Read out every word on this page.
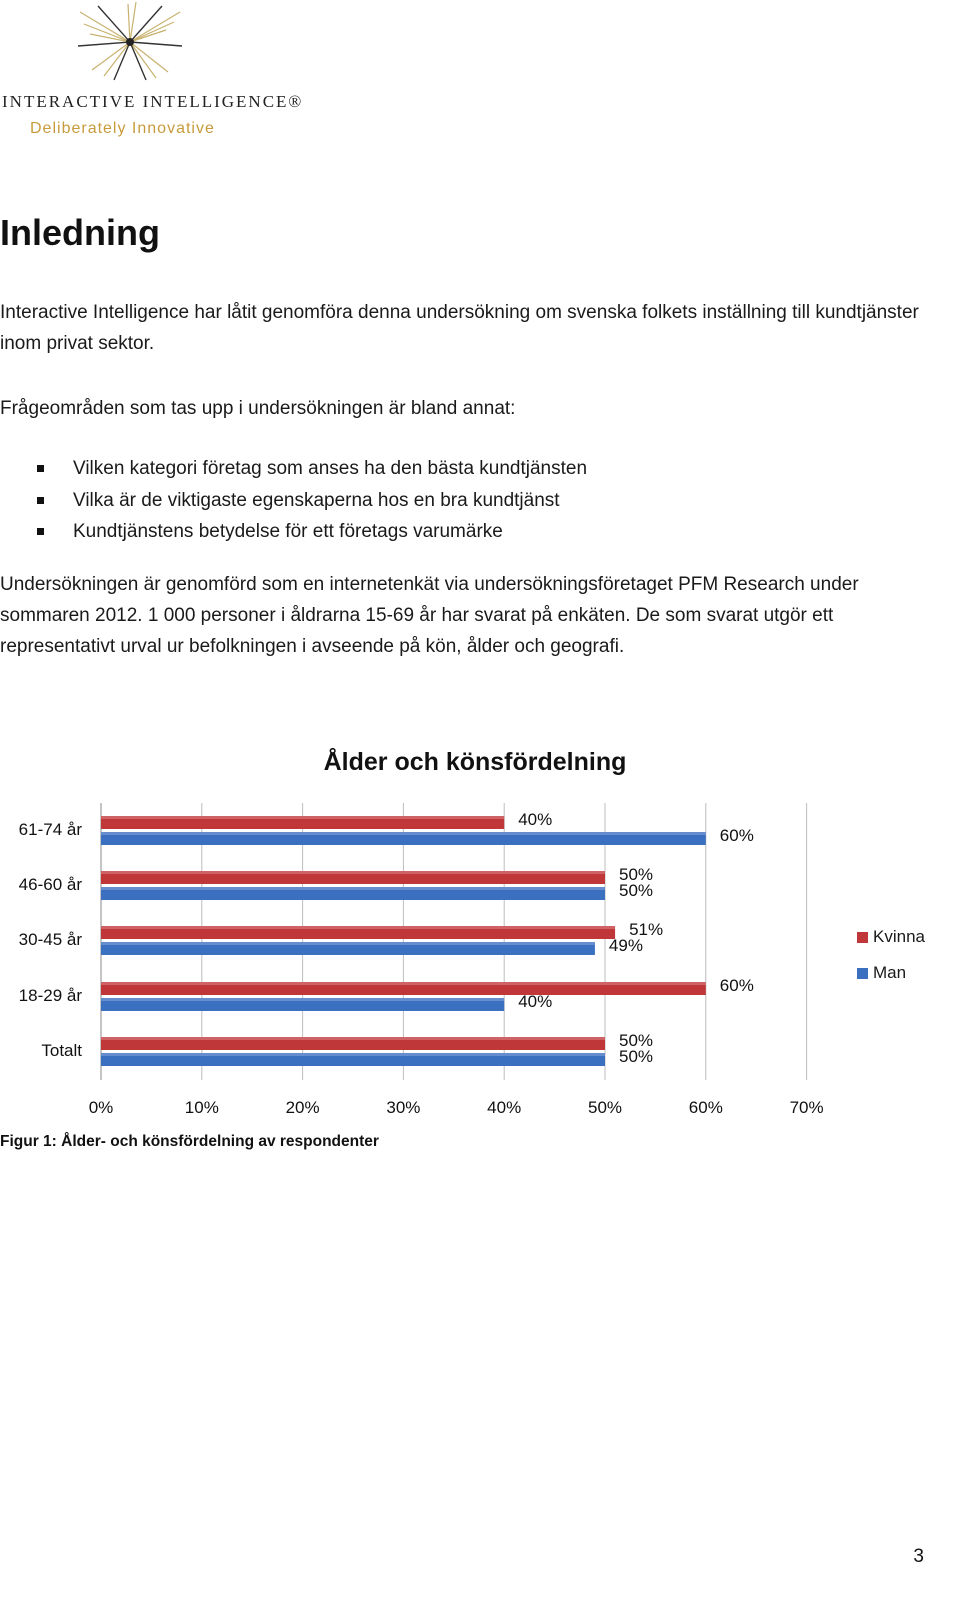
INTERACTIVE INTELLIGENCE®
Deliberately Innovative
Inledning

Interactive Intelligence har låtit genomföra denna undersökning om svenska folkets inställning till kundtjänster inom privat sektor.

Frågeområden som tas upp i undersökningen är bland annat:

Vilken kategori företag som anses ha den bästa kundtjänsten
Vilka är de viktigaste egenskaperna hos en bra kundtjänst
Kundtjänstens betydelse för ett företags varumärke

Undersökningen är genomförd som en internetenkät via undersökningsföretaget PFM Research under sommaren 2012. 1 000 personer i åldrarna 15-69 år har svarat på enkäten. De som svarat utgör ett representativt urval ur befolkningen i avseende på kön, ålder och geografi.

Ålder och könsfördelning
0%	10%	20%	30%	40%	50%	60%	70%
61-74 år
40%
60%
46-60 år
50%
50%
30-45 år
51%
49%
18-29 år
60%
40%
Totalt
50%
50%
Kvinna
Man
Figur 1: Ålder- och könsfördelning av respondenter
3
